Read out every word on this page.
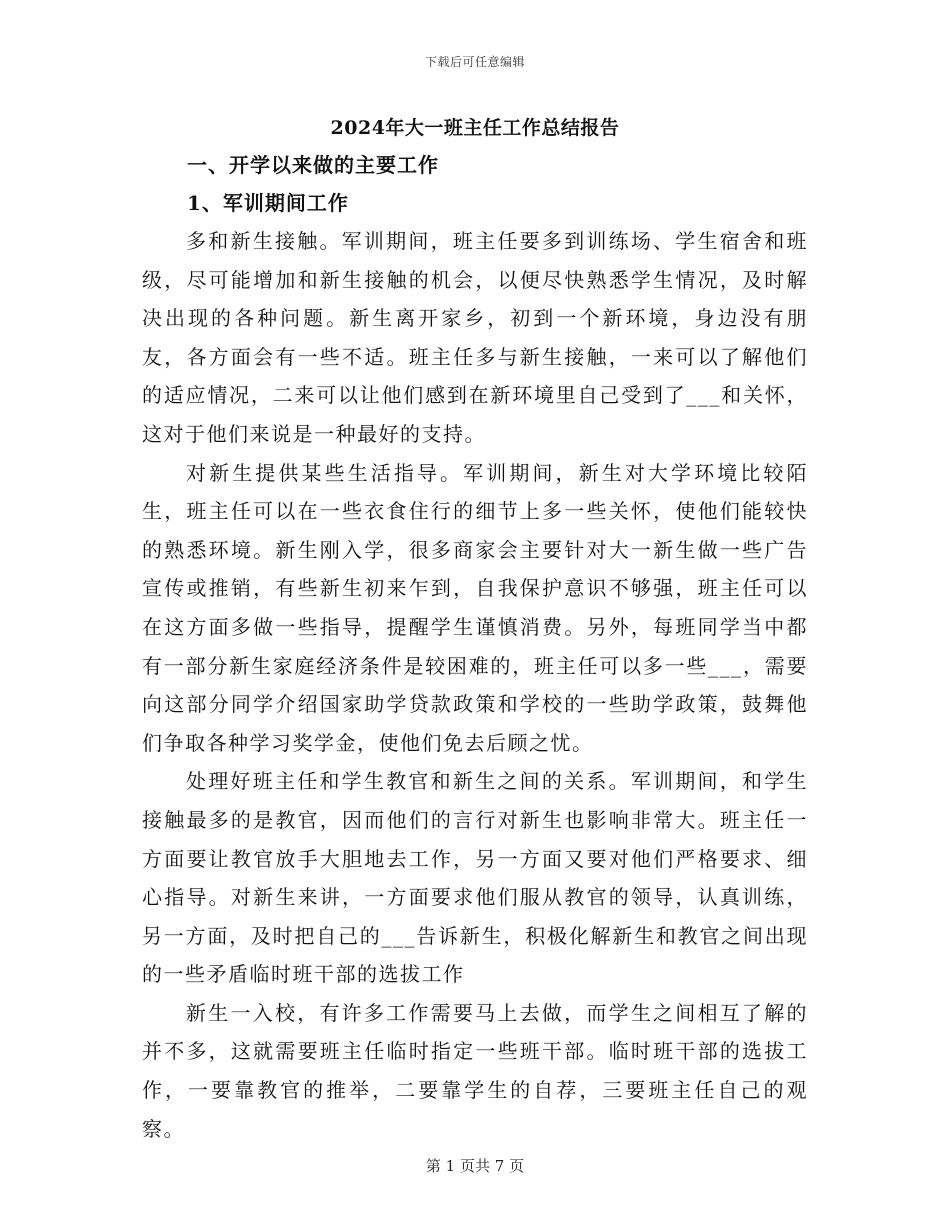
下载后可任意编辑
2024年大一班主任工作总结报告
一、开学以来做的主要工作
1、军训期间工作

多和新生接触。军训期间，班主任要多到训练场、学生宿舍和班级，尽可能增加和新生接触的机会，以便尽快熟悉学生情况，及时解决出现的各种问题。新生离开家乡，初到一个新环境，身边没有朋友，各方面会有一些不适。班主任多与新生接触，一来可以了解他们的适应情况，二来可以让他们感到在新环境里自己受到了___和关怀，这对于他们来说是一种最好的支持。

对新生提供某些生活指导。军训期间，新生对大学环境比较陌生，班主任可以在一些衣食住行的细节上多一些关怀，使他们能较快的熟悉环境。新生刚入学，很多商家会主要针对大一新生做一些广告宣传或推销，有些新生初来乍到，自我保护意识不够强，班主任可以在这方面多做一些指导，提醒学生谨慎消费。另外，每班同学当中都有一部分新生家庭经济条件是较困难的，班主任可以多一些___，需要向这部分同学介绍国家助学贷款政策和学校的一些助学政策，鼓舞他们争取各种学习奖学金，使他们免去后顾之忧。

处理好班主任和学生教官和新生之间的关系。军训期间，和学生接触最多的是教官，因而他们的言行对新生也影响非常大。班主任一方面要让教官放手大胆地去工作，另一方面又要对他们严格要求、细心指导。对新生来讲，一方面要求他们服从教官的领导，认真训练，另一方面，及时把自己的___告诉新生，积极化解新生和教官之间出现的一些矛盾临时班干部的选拔工作

新生一入校，有许多工作需要马上去做，而学生之间相互了解的并不多，这就需要班主任临时指定一些班干部。临时班干部的选拔工作，一要靠教官的推举，二要靠学生的自荐，三要班主任自己的观察。

第 1 页共 7 页
